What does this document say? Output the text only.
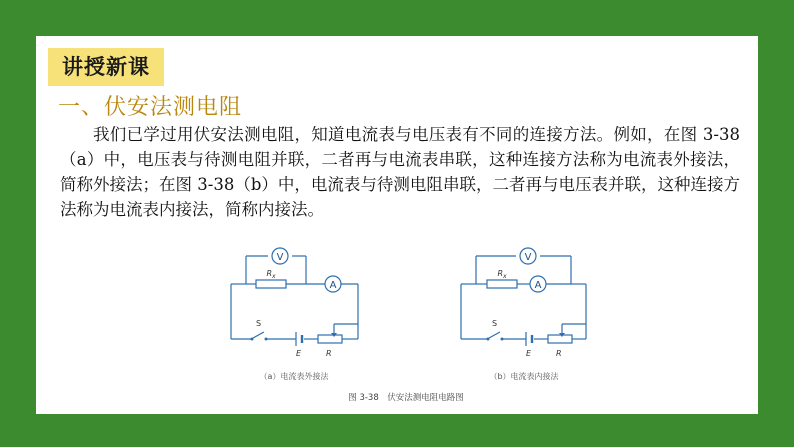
讲授新课
一、伏安法测电阻

我们已学过用伏安法测电阻，知道电流表与电压表有不同的连接方法。例如，在图 3-38（a）中，电压表与待测电阻并联，二者再与电流表串联，这种连接方法称为电流表外接法，简称外接法；在图 3-38（b）中，电流表与待测电阻串联，二者再与电压表并联，这种连接方法称为电流表内接法，简称内接法。

V
$R_x$
A
S
E	R
（a）电流表外接法
V
$R_x$
A
S
E	R
（b）电流表内接法
图 3-38　伏安法测电阻电路图
